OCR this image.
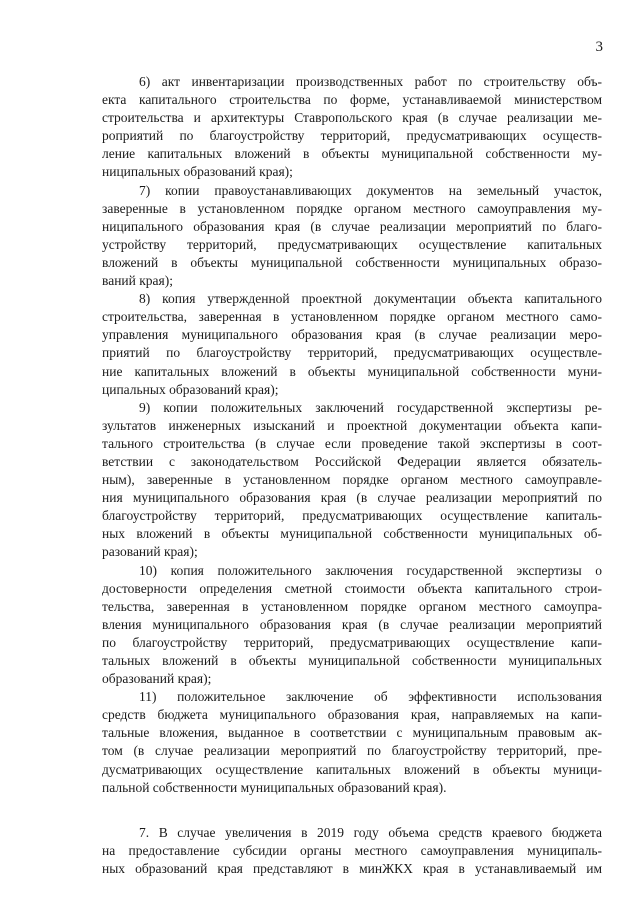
3
6) акт инвентаризации производственных работ по строительству объ-
екта капитального строительства по форме, устанавливаемой министерством
строительства и архитектуры Ставропольского края (в случае реализации ме-
роприятий по благоустройству территорий, предусматривающих осуществ-
ление капитальных вложений в объекты муниципальной собственности му-
ниципальных образований края);
7) копии правоустанавливающих документов на земельный участок,
заверенные в установленном порядке органом местного самоуправления му-
ниципального образования края (в случае реализации мероприятий по благо-
устройству территорий, предусматривающих осуществление капитальных
вложений в объекты муниципальной собственности муниципальных образо-
ваний края);
8) копия утвержденной проектной документации объекта капитального
строительства, заверенная в установленном порядке органом местного само-
управления муниципального образования края (в случае реализации меро-
приятий по благоустройству территорий, предусматривающих осуществле-
ние капитальных вложений в объекты муниципальной собственности муни-
ципальных образований края);
9) копии положительных заключений государственной экспертизы ре-
зультатов инженерных изысканий и проектной документации объекта капи-
тального строительства (в случае если проведение такой экспертизы в соот-
ветствии с законодательством Российской Федерации является обязатель-
ным), заверенные в установленном порядке органом местного самоуправле-
ния муниципального образования края (в случае реализации мероприятий по
благоустройству территорий, предусматривающих осуществление капиталь-
ных вложений в объекты муниципальной собственности муниципальных об-
разований края);
10) копия положительного заключения государственной экспертизы о
достоверности определения сметной стоимости объекта капитального строи-
тельства, заверенная в установленном порядке органом местного самоупра-
вления муниципального образования края (в случае реализации мероприятий
по благоустройству территорий, предусматривающих осуществление капи-
тальных вложений в объекты муниципальной собственности муниципальных
образований края);
11) положительное заключение об эффективности использования
средств бюджета муниципального образования края, направляемых на капи-
тальные вложения, выданное в соответствии с муниципальным правовым ак-
том (в случае реализации мероприятий по благоустройству территорий, пре-
дусматривающих осуществление капитальных вложений в объекты муници-
пальной собственности муниципальных образований края).
7. В случае увеличения в 2019 году объема средств краевого бюджета
на предоставление субсидии органы местного самоуправления муниципаль-
ных образований края представляют в минЖКХ края в устанавливаемый им
